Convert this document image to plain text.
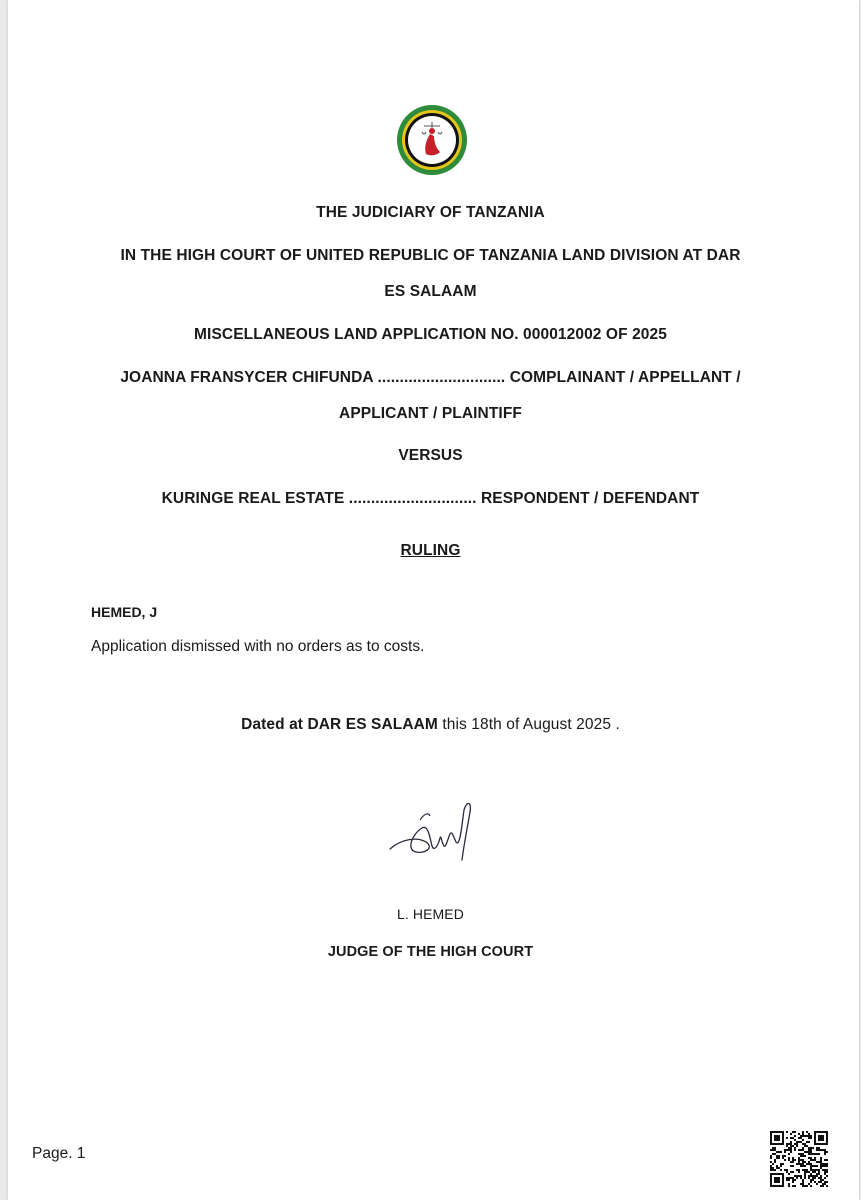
THE JUDICIARY OF TANZANIA
IN THE HIGH COURT OF UNITED REPUBLIC OF TANZANIA LAND DIVISION AT DAR
ES SALAAM
MISCELLANEOUS LAND APPLICATION NO. 000012002 OF 2025
JOANNA FRANSYCER CHIFUNDA ............................. COMPLAINANT / APPELLANT /
APPLICANT / PLAINTIFF
VERSUS
KURINGE REAL ESTATE ............................. RESPONDENT / DEFENDANT
RULING
HEMED, J
Application dismissed with no orders as to costs.
Dated at DAR ES SALAAM this 18th of August 2025 .
L. HEMED
JUDGE OF THE HIGH COURT
Page. 1
